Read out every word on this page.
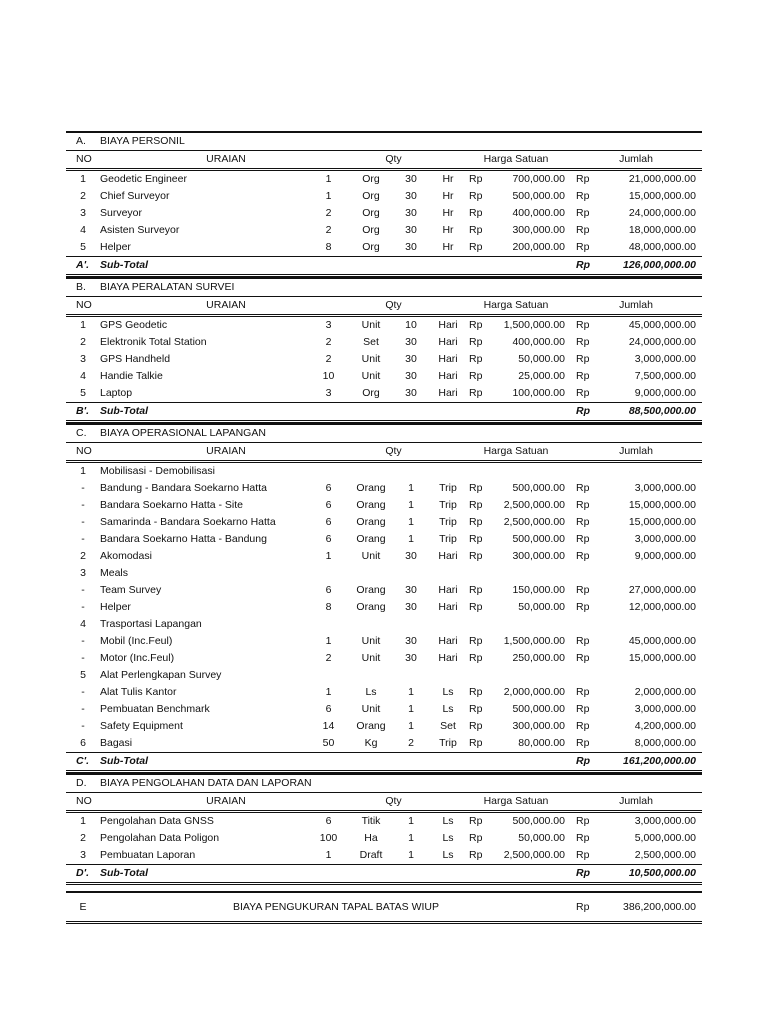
A. BIAYA PERSONIL
NO	URAIAN	Qty	Harga Satuan	Jumlah
1	Geodetic Engineer	1	Org	30	Hr	Rp	700,000.00 Rp	21,000,000.00
2	Chief Surveyor	1	Org	30	Hr	Rp	500,000.00 Rp	15,000,000.00
3	Surveyor	2	Org	30	Hr	Rp	400,000.00 Rp	24,000,000.00
4	Asisten Surveyor	2	Org	30	Hr	Rp	300,000.00 Rp	18,000,000.00
5	Helper	8	Org	30	Hr	Rp	200,000.00 Rp	48,000,000.00
A'. Sub-Total	Rp	126,000,000.00
B. BIAYA PERALATAN SURVEI
NO	URAIAN	Qty	Harga Satuan	Jumlah
1	GPS Geodetic	3	Unit	10	Hari	Rp	1,500,000.00 Rp	45,000,000.00
2	Elektronik Total Station	2	Set	30	Hari	Rp	400,000.00 Rp	24,000,000.00
3	GPS Handheld	2	Unit	30	Hari	Rp	50,000.00 Rp	3,000,000.00
4	Handie Talkie	10	Unit	30	Hari	Rp	25,000.00 Rp	7,500,000.00
5	Laptop	3	Org	30	Hari	Rp	100,000.00 Rp	9,000,000.00
B'. Sub-Total	Rp	88,500,000.00
C. BIAYA OPERASIONAL LAPANGAN
NO	URAIAN	Qty	Harga Satuan	Jumlah
1	Mobilisasi - Demobilisasi
-	Bandung - Bandara Soekarno Hatta	6	Orang	1	Trip	Rp	500,000.00 Rp	3,000,000.00
-	Bandara Soekarno Hatta - Site	6	Orang	1	Trip	Rp	2,500,000.00 Rp	15,000,000.00
-	Samarinda - Bandara Soekarno Hatta	6	Orang	1	Trip	Rp	2,500,000.00 Rp	15,000,000.00
-	Bandara Soekarno Hatta - Bandung	6	Orang	1	Trip	Rp	500,000.00 Rp	3,000,000.00
2	Akomodasi	1	Unit	30	Hari	Rp	300,000.00 Rp	9,000,000.00
3	Meals
-	Team Survey	6	Orang	30	Hari	Rp	150,000.00 Rp	27,000,000.00
-	Helper	8	Orang	30	Hari	Rp	50,000.00 Rp	12,000,000.00
4	Trasportasi Lapangan
-	Mobil (Inc.Feul)	1	Unit	30	Hari	Rp	1,500,000.00 Rp	45,000,000.00
-	Motor (Inc.Feul)	2	Unit	30	Hari	Rp	250,000.00 Rp	15,000,000.00
5	Alat Perlengkapan Survey
-	Alat Tulis Kantor	1	Ls	1	Ls	Rp	2,000,000.00 Rp	2,000,000.00
-	Pembuatan Benchmark	6	Unit	1	Ls	Rp	500,000.00 Rp	3,000,000.00
-	Safety Equipment	14	Orang	1	Set	Rp	300,000.00 Rp	4,200,000.00
6	Bagasi	50	Kg	2	Trip	Rp	80,000.00 Rp	8,000,000.00
C'. Sub-Total	Rp	161,200,000.00
D. BIAYA PENGOLAHAN DATA DAN LAPORAN
NO	URAIAN	Qty	Harga Satuan	Jumlah
1	Pengolahan Data GNSS	6	Titik	1	Ls	Rp	500,000.00 Rp	3,000,000.00
2	Pengolahan Data Poligon	100	Ha	1	Ls	Rp	50,000.00 Rp	5,000,000.00
3	Pembuatan Laporan	1	Draft	1	Ls	Rp	2,500,000.00 Rp	2,500,000.00
D'. Sub-Total	Rp	10,500,000.00
E	BIAYA PENGUKURAN TAPAL BATAS WIUP	Rp	386,200,000.00
